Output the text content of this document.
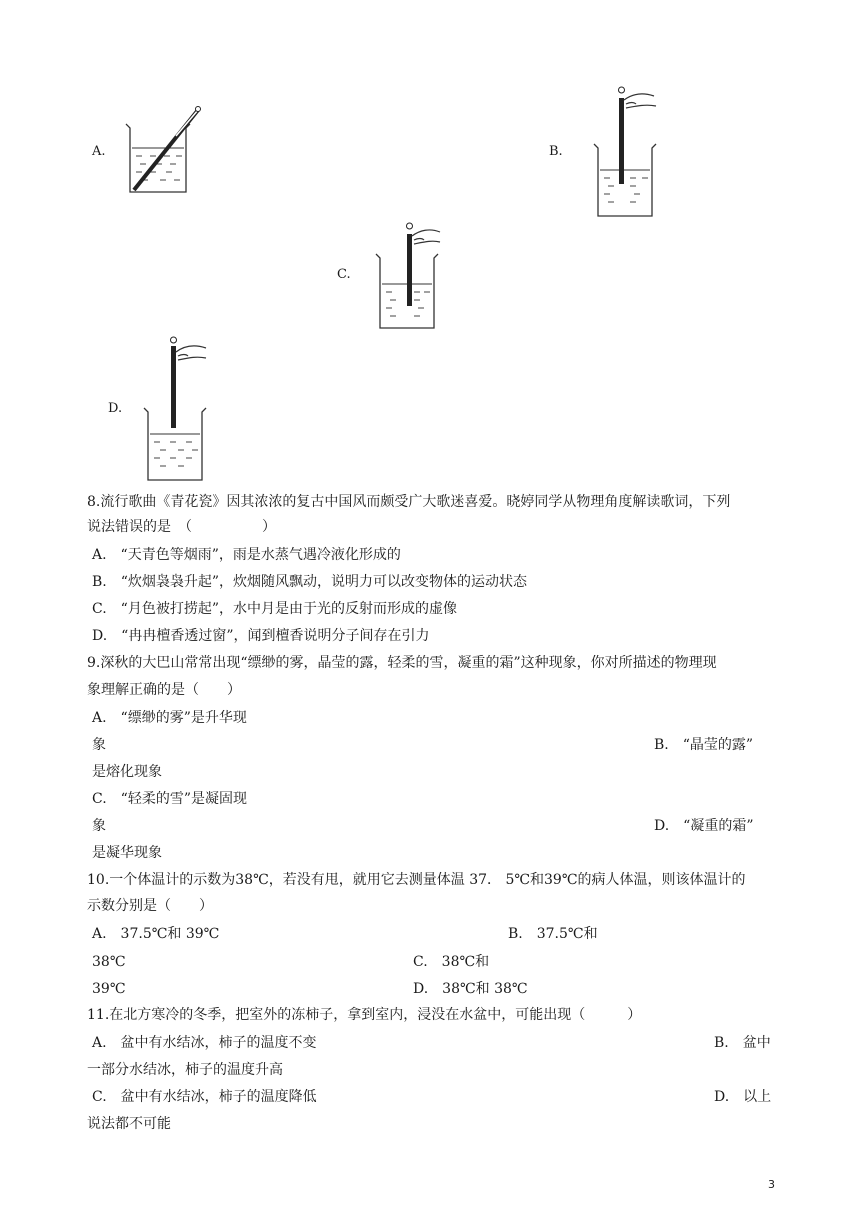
A.	B.
C.
D.
8.流行歌曲《青花瓷》因其浓浓的复古中国风而颇受广大歌迷喜爱。晓婷同学从物理角度解读歌词，下列
说法错误的是　（　　　　　）
A.　“天青色等烟雨”，雨是水蒸气遇冷液化形成的
B.　“炊烟袅袅升起”，炊烟随风飘动，说明力可以改变物体的运动状态
C.　“月色被打捞起”，水中月是由于光的反射而形成的虚像
D.　“冉冉檀香透过窗”，闻到檀香说明分子间存在引力
9.深秋的大巴山常常出现“缥缈的雾，晶莹的露，轻柔的雪，凝重的霜”这种现象，你对所描述的物理现
象理解正确的是（　　）
A.　“缥缈的雾”是升华现
象	B.　“晶莹的露”
是熔化现象
C.　“轻柔的雪”是凝固现
象	D.　“凝重的霜”
是凝华现象
10.一个体温计的示数为38℃，若没有甩，就用它去测量体温 37． 5℃和39℃的病人体温，则该体温计的
示数分别是（　　）
A.　37.5℃和 39℃	B.　37.5℃和
38℃	C.　38℃和
39℃	D.　38℃和 38℃
11.在北方寒冷的冬季，把室外的冻柿子，拿到室内，浸没在水盆中，可能出现（　　　）
A.　盆中有水结冰，柿子的温度不变	B.　盆中
一部分水结冰，柿子的温度升高
C.　盆中有水结冰，柿子的温度降低	D.　以上
说法都不可能
3
